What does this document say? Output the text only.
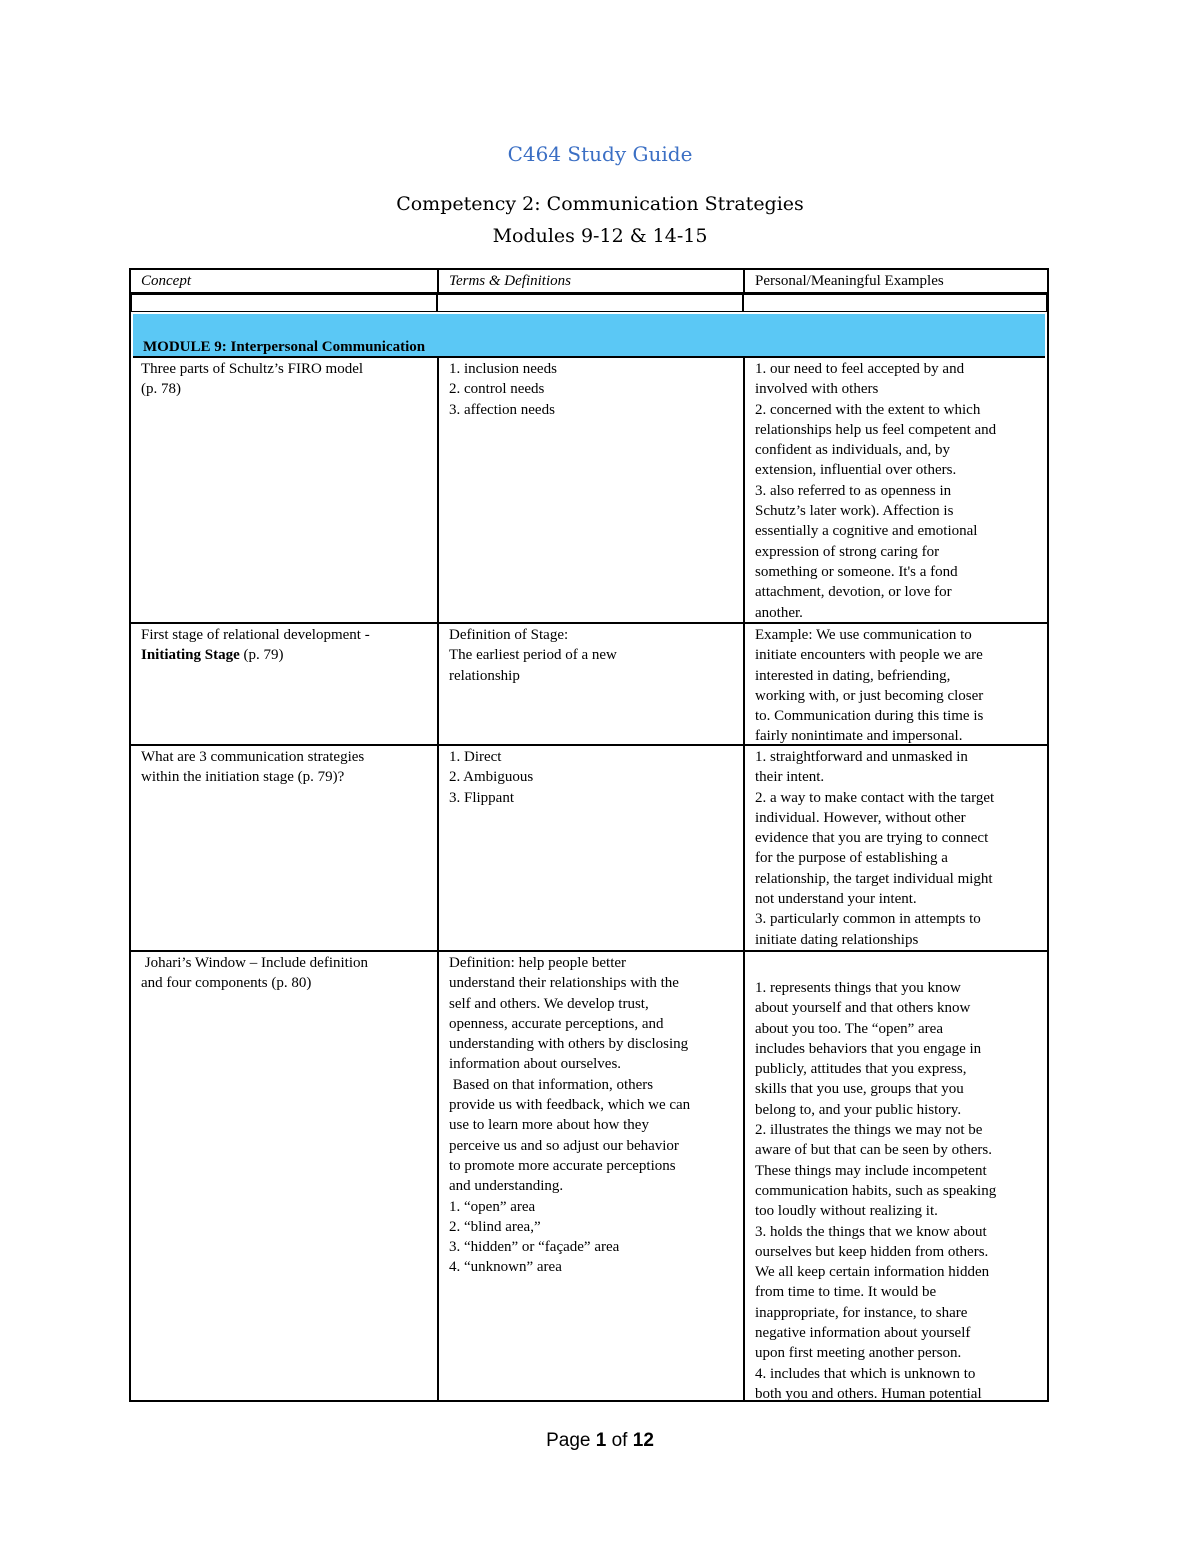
C464 Study Guide
Competency 2: Communication Strategies
Modules 9-12 & 14-15
Concept	Terms & Definitions	Personal/Meaningful Examples
MODULE 9: Interpersonal Communication
Three parts of Schultz’s FIRO model
(p. 78)
1. inclusion needs
2. control needs
3. affection needs
1. our need to feel accepted by and
involved with others
2. concerned with the extent to which
relationships help us feel competent and
confident as individuals, and, by
extension, influential over others.
3. also referred to as openness in
Schutz’s later work). Affection is
essentially a cognitive and emotional
expression of strong caring for
something or someone. It's a fond
attachment, devotion, or love for
another.
First stage of relational development -
Initiating Stage (p. 79)
Definition of Stage:
The earliest period of a new
relationship
Example: We use communication to
initiate encounters with people we are
interested in dating, befriending,
working with, or just becoming closer
to. Communication during this time is
fairly nonintimate and impersonal.
What are 3 communication strategies
within the initiation stage (p. 79)?
1. Direct
2. Ambiguous
3. Flippant
1. straightforward and unmasked in
their intent.
2. a way to make contact with the target
individual. However, without other
evidence that you are trying to connect
for the purpose of establishing a
relationship, the target individual might
not understand your intent.
3. particularly common in attempts to
initiate dating relationships
Johari’s Window – Include definition
and four components (p. 80)
Definition: help people better
understand their relationships with the
self and others. We develop trust,
openness, accurate perceptions, and
understanding with others by disclosing
information about ourselves.
Based on that information, others
provide us with feedback, which we can
use to learn more about how they
perceive us and so adjust our behavior
to promote more accurate perceptions
and understanding.
1. “open” area
2. “blind area,”
3. “hidden” or “façade” area
4. “unknown” area
1. represents things that you know
about yourself and that others know
about you too. The “open” area
includes behaviors that you engage in
publicly, attitudes that you express,
skills that you use, groups that you
belong to, and your public history.
2. illustrates the things we may not be
aware of but that can be seen by others.
These things may include incompetent
communication habits, such as speaking
too loudly without realizing it.
3. holds the things that we know about
ourselves but keep hidden from others.
We all keep certain information hidden
from time to time. It would be
inappropriate, for instance, to share
negative information about yourself
upon first meeting another person.
4. includes that which is unknown to
both you and others. Human potential
Page 1 of 12
